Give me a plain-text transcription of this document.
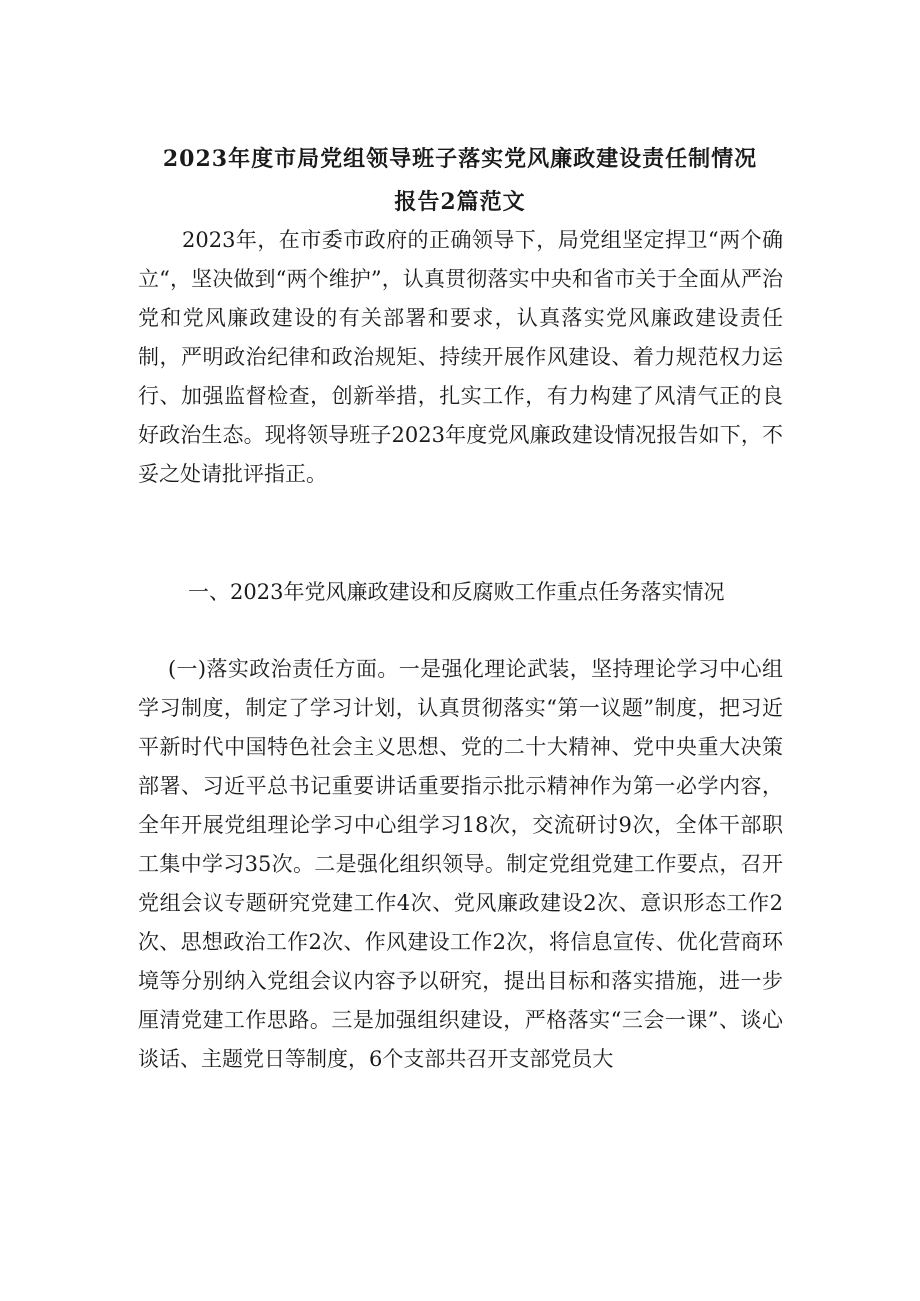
2023年度市局党组领导班子落实党风廉政建设责任制情况
报告2篇范文

2023年，在市委市政府的正确领导下，局党组坚定捍卫“两个确立“，坚决做到“两个维护”，认真贯彻落实中央和省市关于全面从严治党和党风廉政建设的有关部署和要求，认真落实党风廉政建设责任制，严明政治纪律和政治规矩、持续开展作风建设、着力规范权力运行、加强监督检查，创新举措，扎实工作，有力构建了风清气正的良好政治生态。现将领导班子2023年度党风廉政建设情况报告如下，不妥之处请批评指正。

一、2023年党风廉政建设和反腐败工作重点任务落实情况

(一)落实政治责任方面。一是强化理论武装，坚持理论学习中心组学习制度，制定了学习计划，认真贯彻落实“第一议题”制度，把习近平新时代中国特色社会主义思想、党的二十大精神、党中央重大决策部署、习近平总书记重要讲话重要指示批示精神作为第一必学内容，全年开展党组理论学习中心组学习18次，交流研讨9次，全体干部职工集中学习35次。二是强化组织领导。制定党组党建工作要点，召开党组会议专题研究党建工作4次、党风廉政建设2次、意识形态工作2次、思想政治工作2次、作风建设工作2次，将信息宣传、优化营商环境等分别纳入党组会议内容予以研究，提出目标和落实措施，进一步厘清党建工作思路。三是加强组织建设，严格落实“三会一课”、谈心谈话、主题党日等制度，6个支部共召开支部党员大
